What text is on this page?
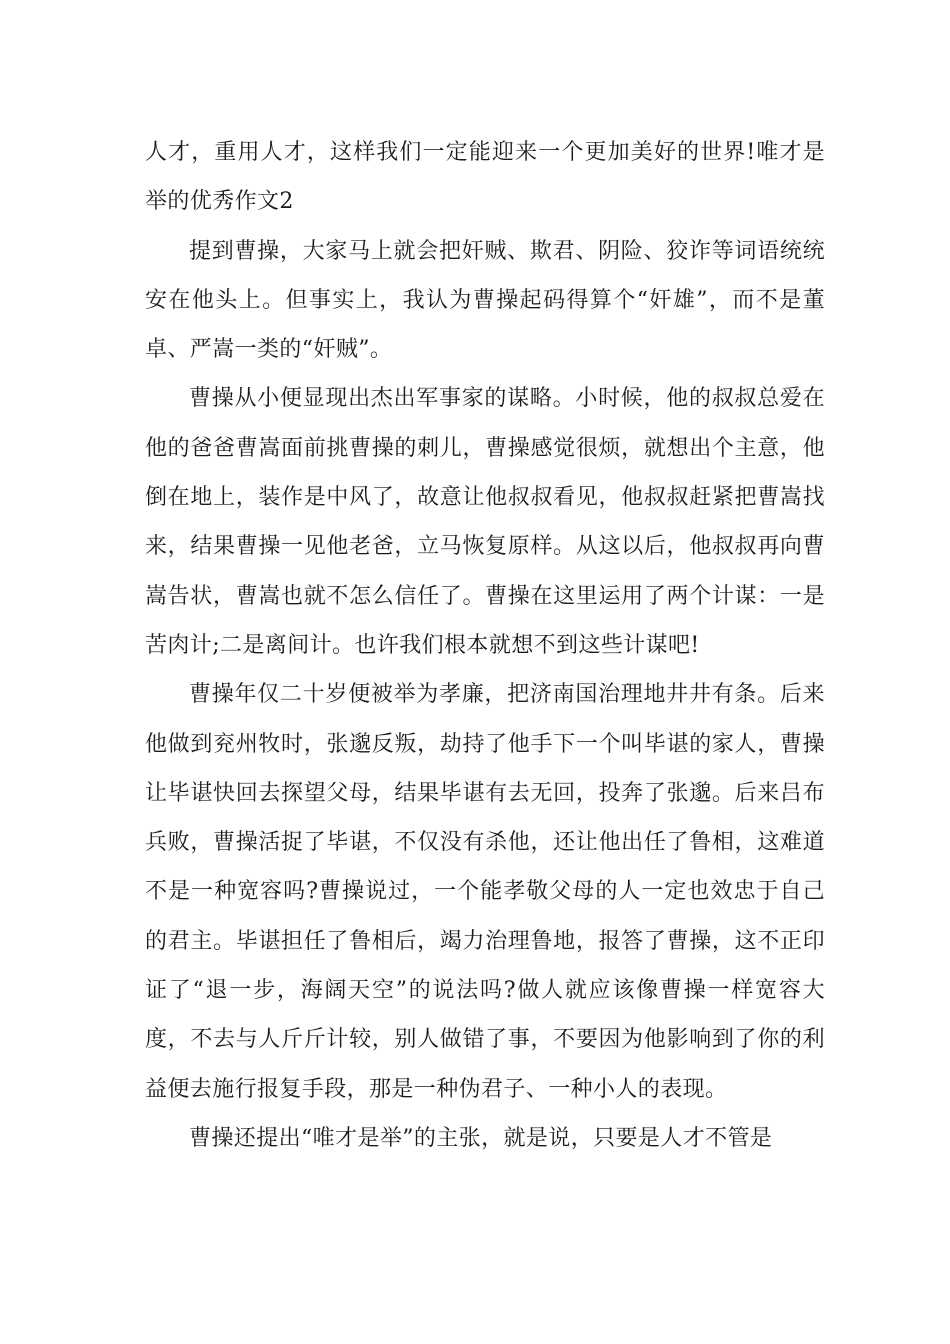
人才，重用人才，这样我们一定能迎来一个更加美好的世界!唯才是举的优秀作文2

提到曹操，大家马上就会把奸贼、欺君、阴险、狡诈等词语统统安在他头上。但事实上，我认为曹操起码得算个“奸雄”，而不是董卓、严嵩一类的“奸贼”。

曹操从小便显现出杰出军事家的谋略。小时候，他的叔叔总爱在他的爸爸曹嵩面前挑曹操的刺儿，曹操感觉很烦，就想出个主意，他倒在地上，装作是中风了，故意让他叔叔看见，他叔叔赶紧把曹嵩找来，结果曹操一见他老爸，立马恢复原样。从这以后，他叔叔再向曹嵩告状，曹嵩也就不怎么信任了。曹操在这里运用了两个计谋：一是苦肉计;二是离间计。也许我们根本就想不到这些计谋吧!

曹操年仅二十岁便被举为孝廉，把济南国治理地井井有条。后来他做到兖州牧时，张邈反叛，劫持了他手下一个叫毕谌的家人，曹操让毕谌快回去探望父母，结果毕谌有去无回，投奔了张邈。后来吕布兵败，曹操活捉了毕谌，不仅没有杀他，还让他出任了鲁相，这难道不是一种宽容吗?曹操说过，一个能孝敬父母的人一定也效忠于自己的君主。毕谌担任了鲁相后，竭力治理鲁地，报答了曹操，这不正印证了“退一步，海阔天空”的说法吗?做人就应该像曹操一样宽容大度，不去与人斤斤计较，别人做错了事，不要因为他影响到了你的利益便去施行报复手段，那是一种伪君子、一种小人的表现。

曹操还提出“唯才是举”的主张，就是说，只要是人才不管是
